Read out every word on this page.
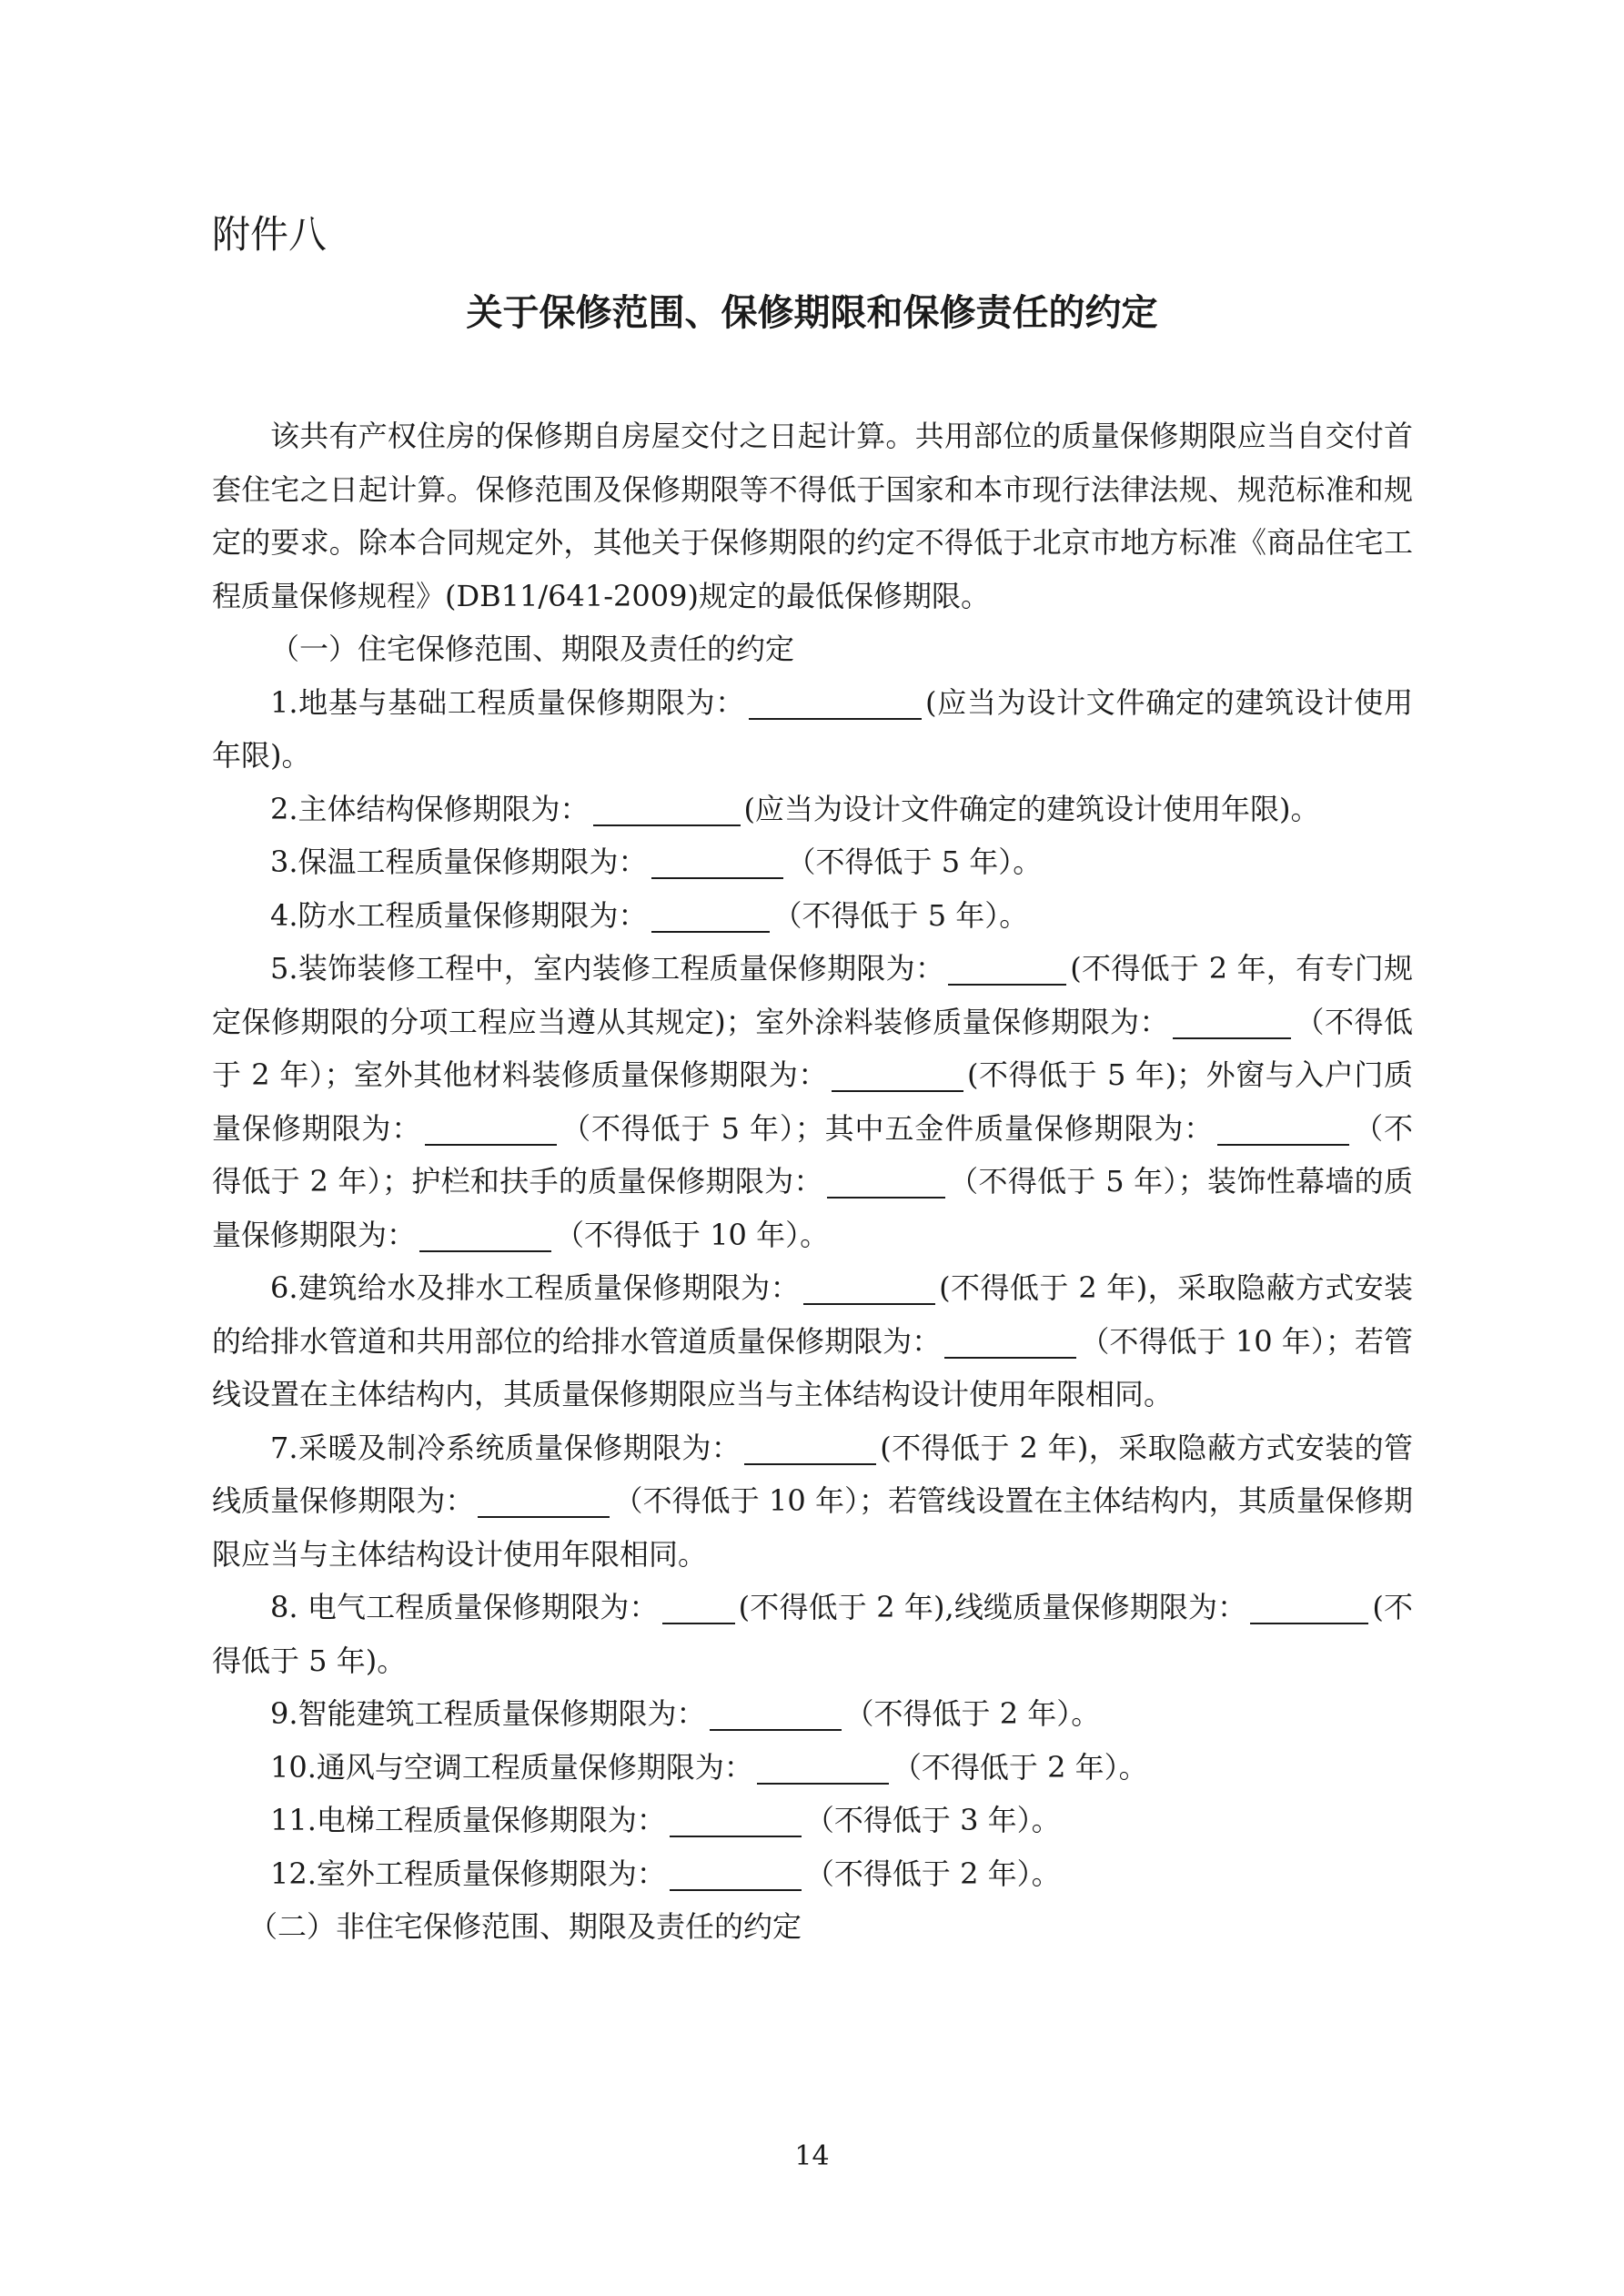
附件八
关于保修范围、保修期限和保修责任的约定

该共有产权住房的保修期自房屋交付之日起计算。共用部位的质量保修期限应当自交付首套住宅之日起计算。保修范围及保修期限等不得低于国家和本市现行法律法规、规范标准和规定的要求。除本合同规定外，其他关于保修期限的约定不得低于北京市地方标准《商品住宅工程质量保修规程》(DB11/641-2009)规定的最低保修期限。

（一）住宅保修范围、期限及责任的约定

1.地基与基础工程质量保修期限为：	(应当为设计文件确定的建筑设计使用年限)。

2.主体结构保修期限为：	(应当为设计文件确定的建筑设计使用年限)。

3.保温工程质量保修期限为：	（不得低于 5 年）。

4.防水工程质量保修期限为：	（不得低于 5 年）。

5.装饰装修工程中，室内装修工程质量保修期限为：	(不得低于 2 年，有专门规定保修期限的分项工程应当遵从其规定)；室外涂料装修质量保修期限为：	（不得低于 2 年）；室外其他材料装修质量保修期限为：	(不得低于 5 年)；外窗与入户门质量保修期限为：	（不得低于 5 年）；其中五金件质量保修期限为：	（不得低于 2 年）；护栏和扶手的质量保修期限为：	（不得低于 5 年）；装饰性幕墙的质量保修期限为：	（不得低于 10 年）。

6.建筑给水及排水工程质量保修期限为：	(不得低于 2 年)，采取隐蔽方式安装的给排水管道和共用部位的给排水管道质量保修期限为：	（不得低于 10 年）；若管线设置在主体结构内，其质量保修期限应当与主体结构设计使用年限相同。

7.采暖及制冷系统质量保修期限为：	(不得低于 2 年)，采取隐蔽方式安装的管线质量保修期限为：	（不得低于 10 年）；若管线设置在主体结构内，其质量保修期限应当与主体结构设计使用年限相同。

8. 电气工程质量保修期限为：	(不得低于 2 年),线缆质量保修期限为：	(不得低于 5 年)。

9.智能建筑工程质量保修期限为：	（不得低于 2 年）。

10.通风与空调工程质量保修期限为：	（不得低于 2 年）。

11.电梯工程质量保修期限为：	（不得低于 3 年）。

12.室外工程质量保修期限为：	（不得低于 2 年）。

（二）非住宅保修范围、期限及责任的约定

14
